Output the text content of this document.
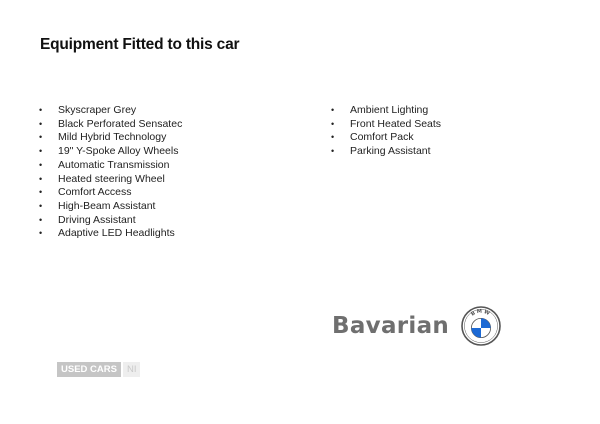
Equipment Fitted to this car
• Skyscraper Grey
• Black Perforated Sensatec
• Mild Hybrid Technology
• 19" Y-Spoke Alloy Wheels
• Automatic Transmission
• Heated steering Wheel
• Comfort Access
• High-Beam Assistant
• Driving Assistant
• Adaptive LED Headlights
• Ambient Lighting
• Front Heated Seats
• Comfort Pack
• Parking Assistant
Bavarian	BMW
USED CARS	NI
